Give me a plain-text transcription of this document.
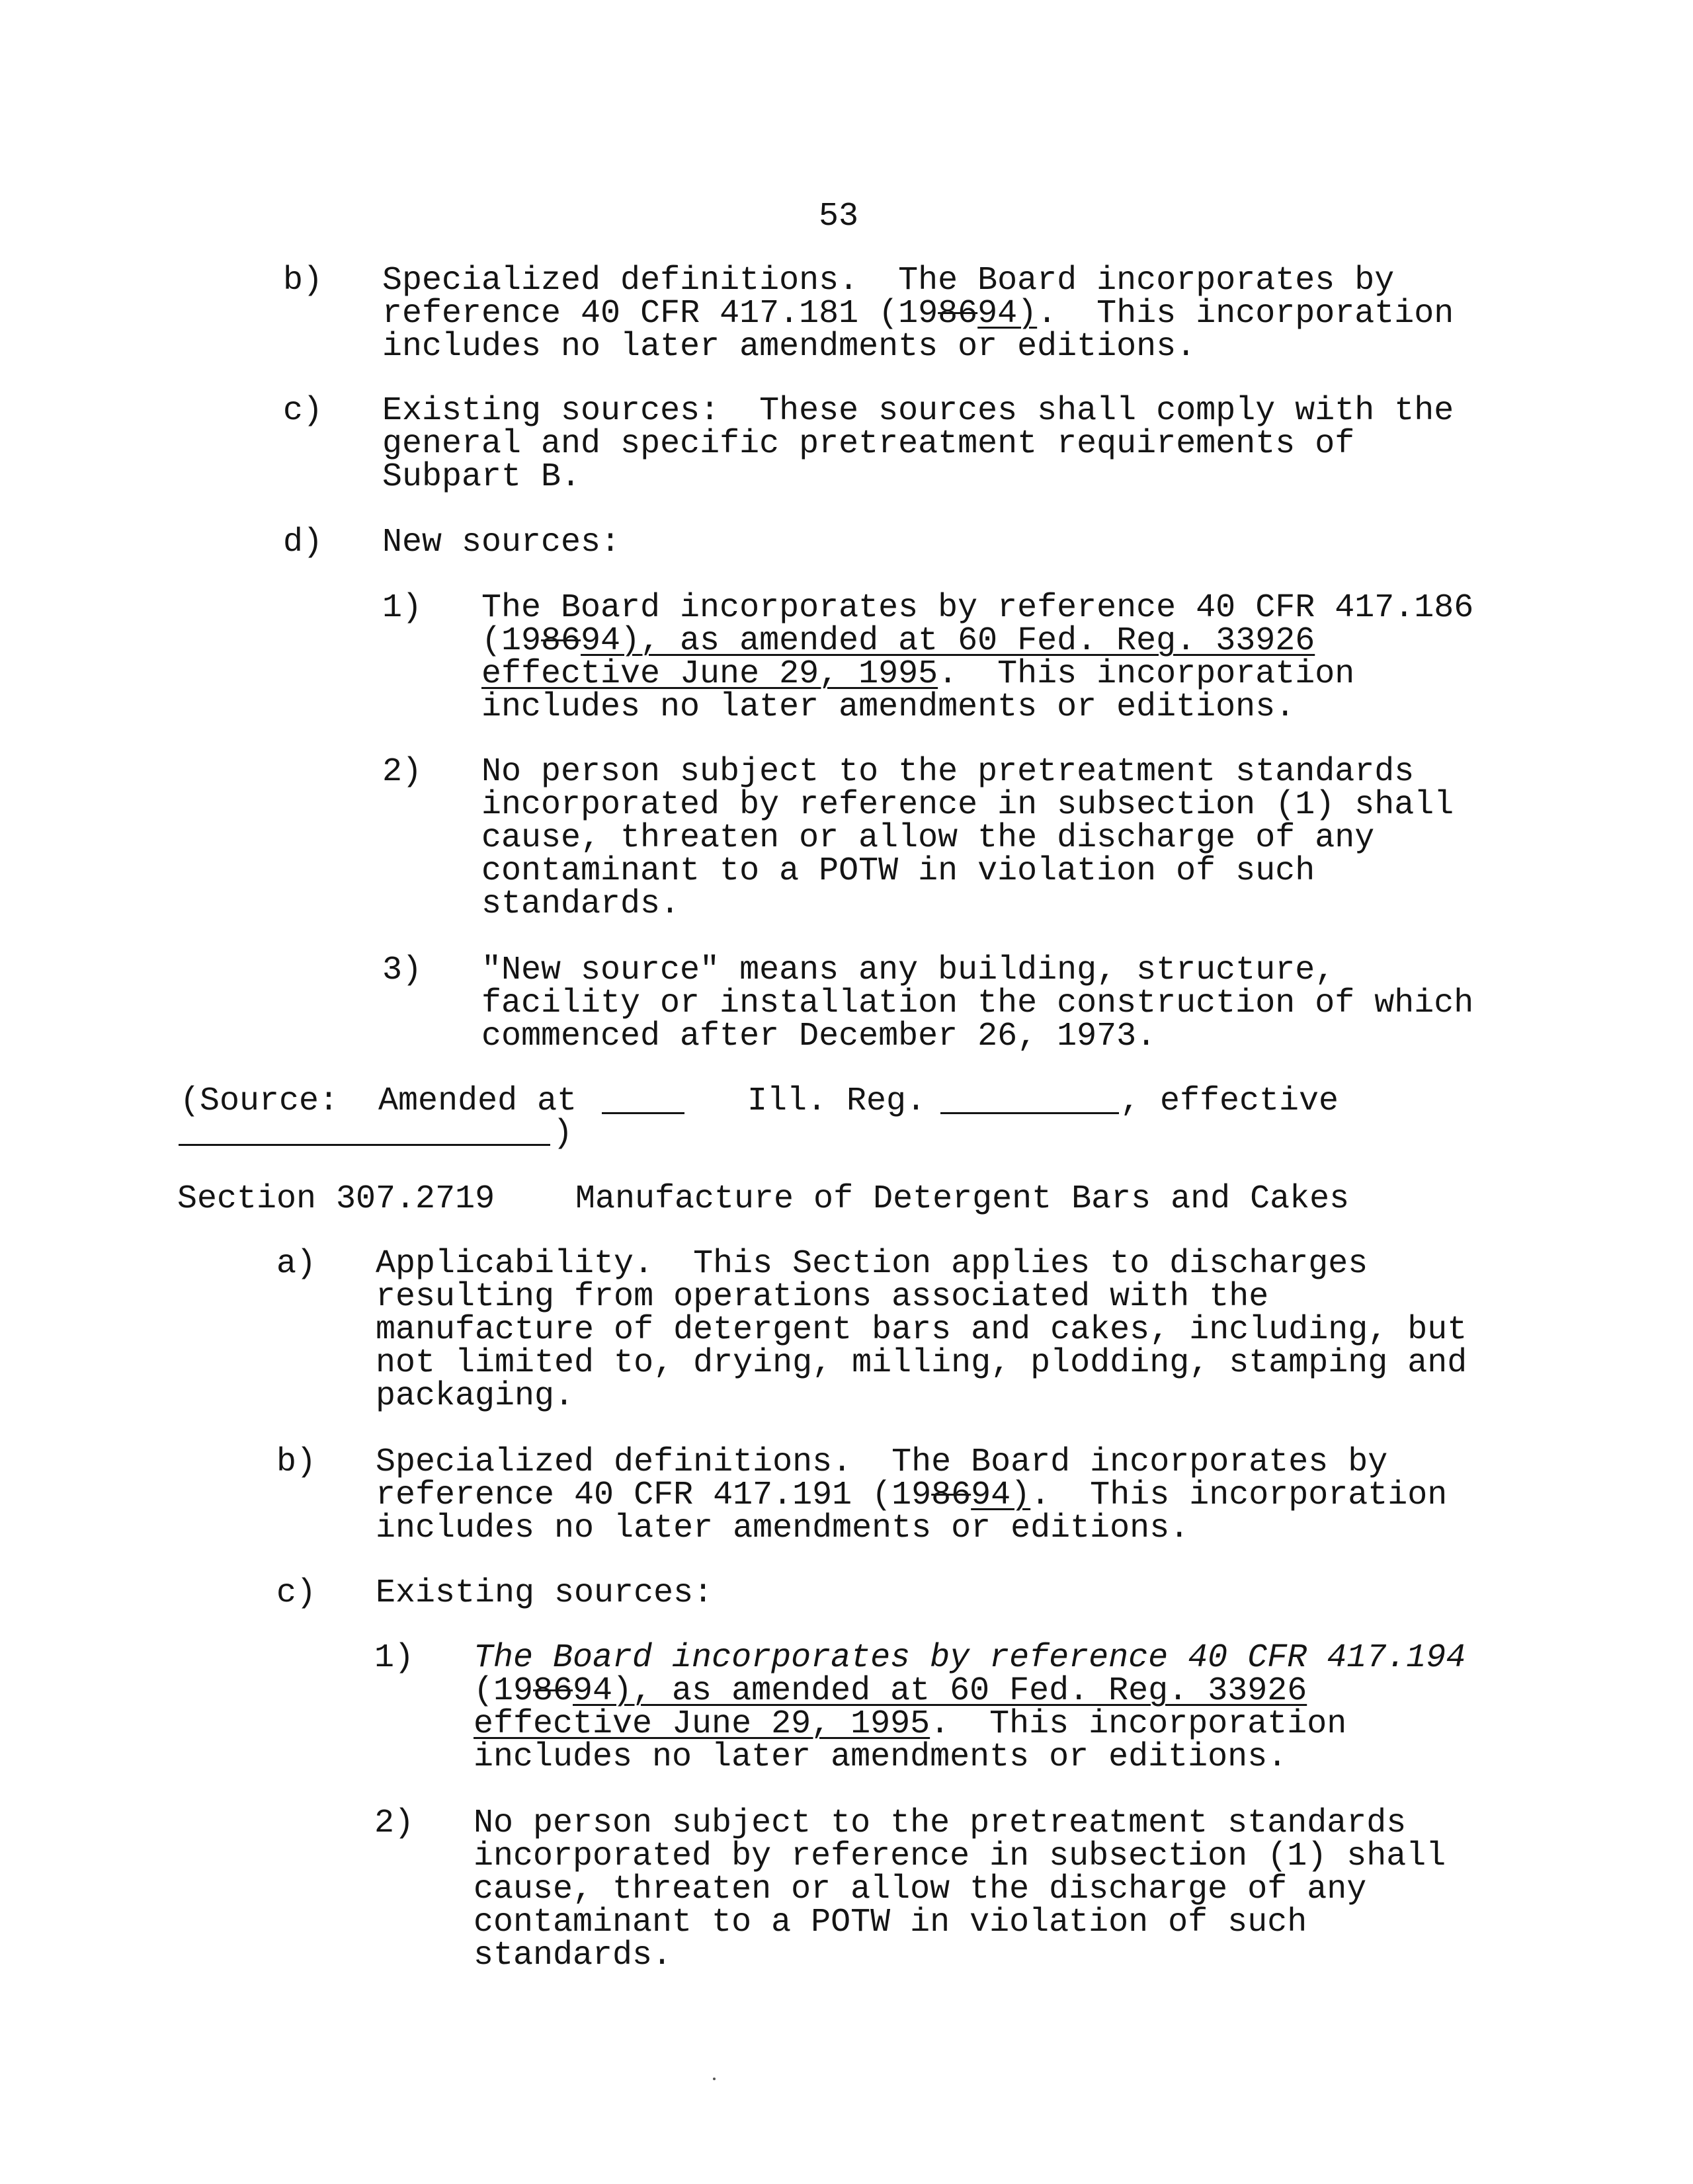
53
b) Specialized definitions.  The Board incorporates by
reference 40 CFR 417.181 (198694).  This incorporation
includes no later amendments or editions.
c) Existing sources:  These sources shall comply with the
general and specific pretreatment requirements of
Subpart B.
d) New sources:
1) The Board incorporates by reference 40 CFR 417.186
(198694), as amended at 60 Fed. Reg. 33926
effective June 29, 1995.  This incorporation
includes no later amendments or editions.
2) No person subject to the pretreatment standards
incorporated by reference in subsection (1) shall
cause, threaten or allow the discharge of any
contaminant to a POTW in violation of such
standards.
3) "New source" means any building, structure,
facility or installation the construction of which
commenced after December 26, 1973.
(Source:  Amended at	Ill. Reg.	, effective
)
Section 307.2719 Manufacture of Detergent Bars and Cakes
a) Applicability.  This Section applies to discharges
resulting from operations associated with the
manufacture of detergent bars and cakes, including, but
not limited to, drying, milling, plodding, stamping and
packaging.
b) Specialized definitions.  The Board incorporates by
reference 40 CFR 417.191 (198694).  This incorporation
includes no later amendments or editions.
c) Existing sources:
1) The Board incorporates by reference 40 CFR 417.194
(198694), as amended at 60 Fed. Reg. 33926
effective June 29, 1995.  This incorporation
includes no later amendments or editions.
2) No person subject to the pretreatment standards
incorporated by reference in subsection (1) shall
cause, threaten or allow the discharge of any
contaminant to a POTW in violation of such
standards.
